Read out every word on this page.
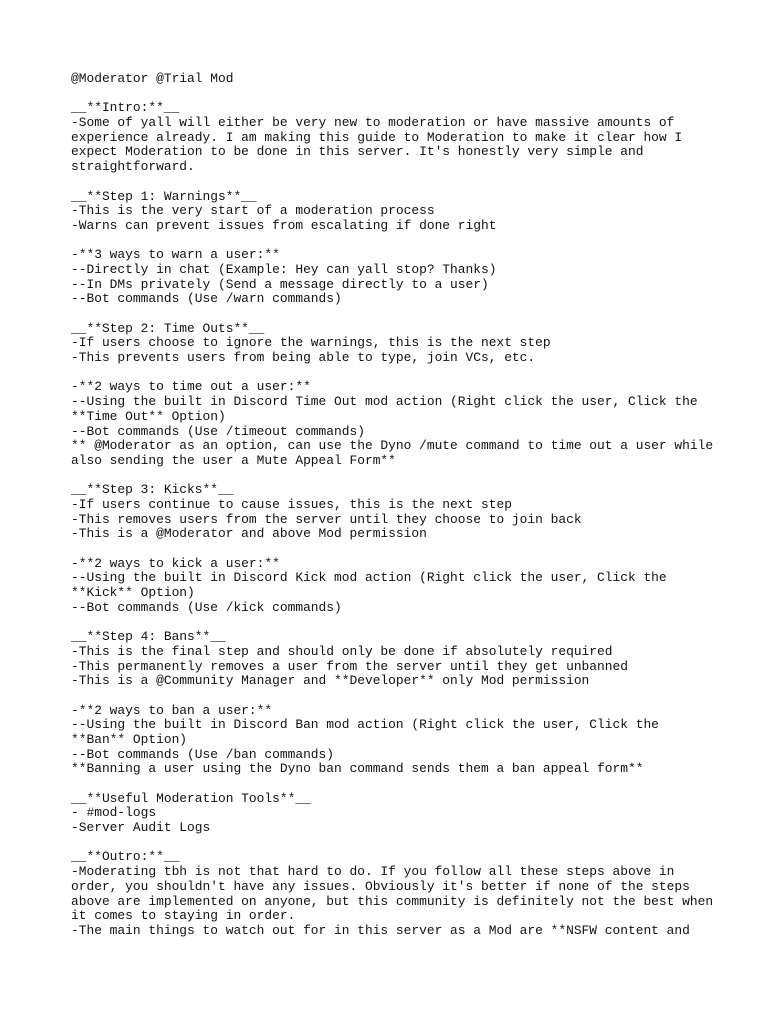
@Moderator @Trial Mod
__**Intro:**__
-Some of yall will either be very new to moderation or have massive amounts of
experience already. I am making this guide to Moderation to make it clear how I
expect Moderation to be done in this server. It's honestly very simple and
straightforward.
__**Step 1: Warnings**__
-This is the very start of a moderation process
-Warns can prevent issues from escalating if done right
-**3 ways to warn a user:**
--Directly in chat (Example: Hey can yall stop? Thanks)
--In DMs privately (Send a message directly to a user)
--Bot commands (Use /warn commands)
__**Step 2: Time Outs**__
-If users choose to ignore the warnings, this is the next step
-This prevents users from being able to type, join VCs, etc.
-**2 ways to time out a user:**
--Using the built in Discord Time Out mod action (Right click the user, Click the
**Time Out** Option)
--Bot commands (Use /timeout commands)
** @Moderator as an option, can use the Dyno /mute command to time out a user while
also sending the user a Mute Appeal Form**
__**Step 3: Kicks**__
-If users continue to cause issues, this is the next step
-This removes users from the server until they choose to join back
-This is a @Moderator and above Mod permission
-**2 ways to kick a user:**
--Using the built in Discord Kick mod action (Right click the user, Click the
**Kick** Option)
--Bot commands (Use /kick commands)
__**Step 4: Bans**__
-This is the final step and should only be done if absolutely required
-This permanently removes a user from the server until they get unbanned
-This is a @Community Manager and **Developer** only Mod permission
-**2 ways to ban a user:**
--Using the built in Discord Ban mod action (Right click the user, Click the
**Ban** Option)
--Bot commands (Use /ban commands)
**Banning a user using the Dyno ban command sends them a ban appeal form**
__**Useful Moderation Tools**__
- #mod-logs
-Server Audit Logs
__**Outro:**__
-Moderating tbh is not that hard to do. If you follow all these steps above in
order, you shouldn't have any issues. Obviously it's better if none of the steps
above are implemented on anyone, but this community is definitely not the best when
it comes to staying in order.
-The main things to watch out for in this server as a Mod are **NSFW content and
